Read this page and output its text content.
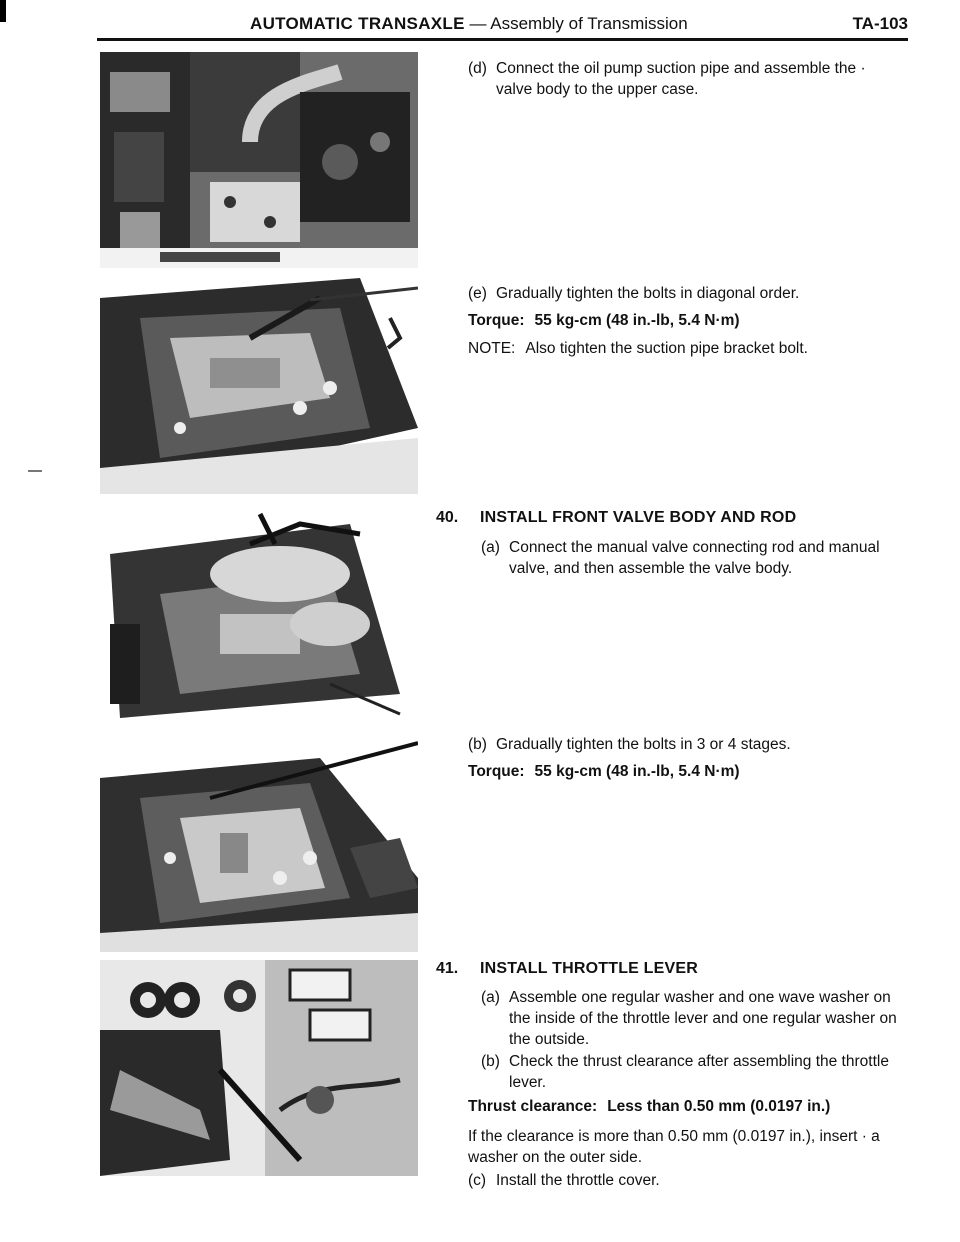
AUTOMATIC TRANSAXLE — Assembly of Transmission	TA-103
(d) Connect the oil pump suction pipe and assemble the · valve body to the upper case.
(e) Gradually tighten the bolts in diagonal order.
Torque: 55 kg-cm (48 in.-lb, 5.4 N·m)
NOTE: Also tighten the suction pipe bracket bolt.
40. INSTALL FRONT VALVE BODY AND ROD
(a) Connect the manual valve connecting rod and manual valve, and then assemble the valve body.
(b) Gradually tighten the bolts in 3 or 4 stages.
Torque: 55 kg-cm (48 in.-lb, 5.4 N·m)
41. INSTALL THROTTLE LEVER
(a) Assemble one regular washer and one wave washer on the inside of the throttle lever and one regular washer on the outside.
(b) Check the thrust clearance after assembling the throttle lever.
Thrust clearance: Less than 0.50 mm (0.0197 in.)
If the clearance is more than 0.50 mm (0.0197 in.), insert · a washer on the outer side.
(c) Install the throttle cover.
